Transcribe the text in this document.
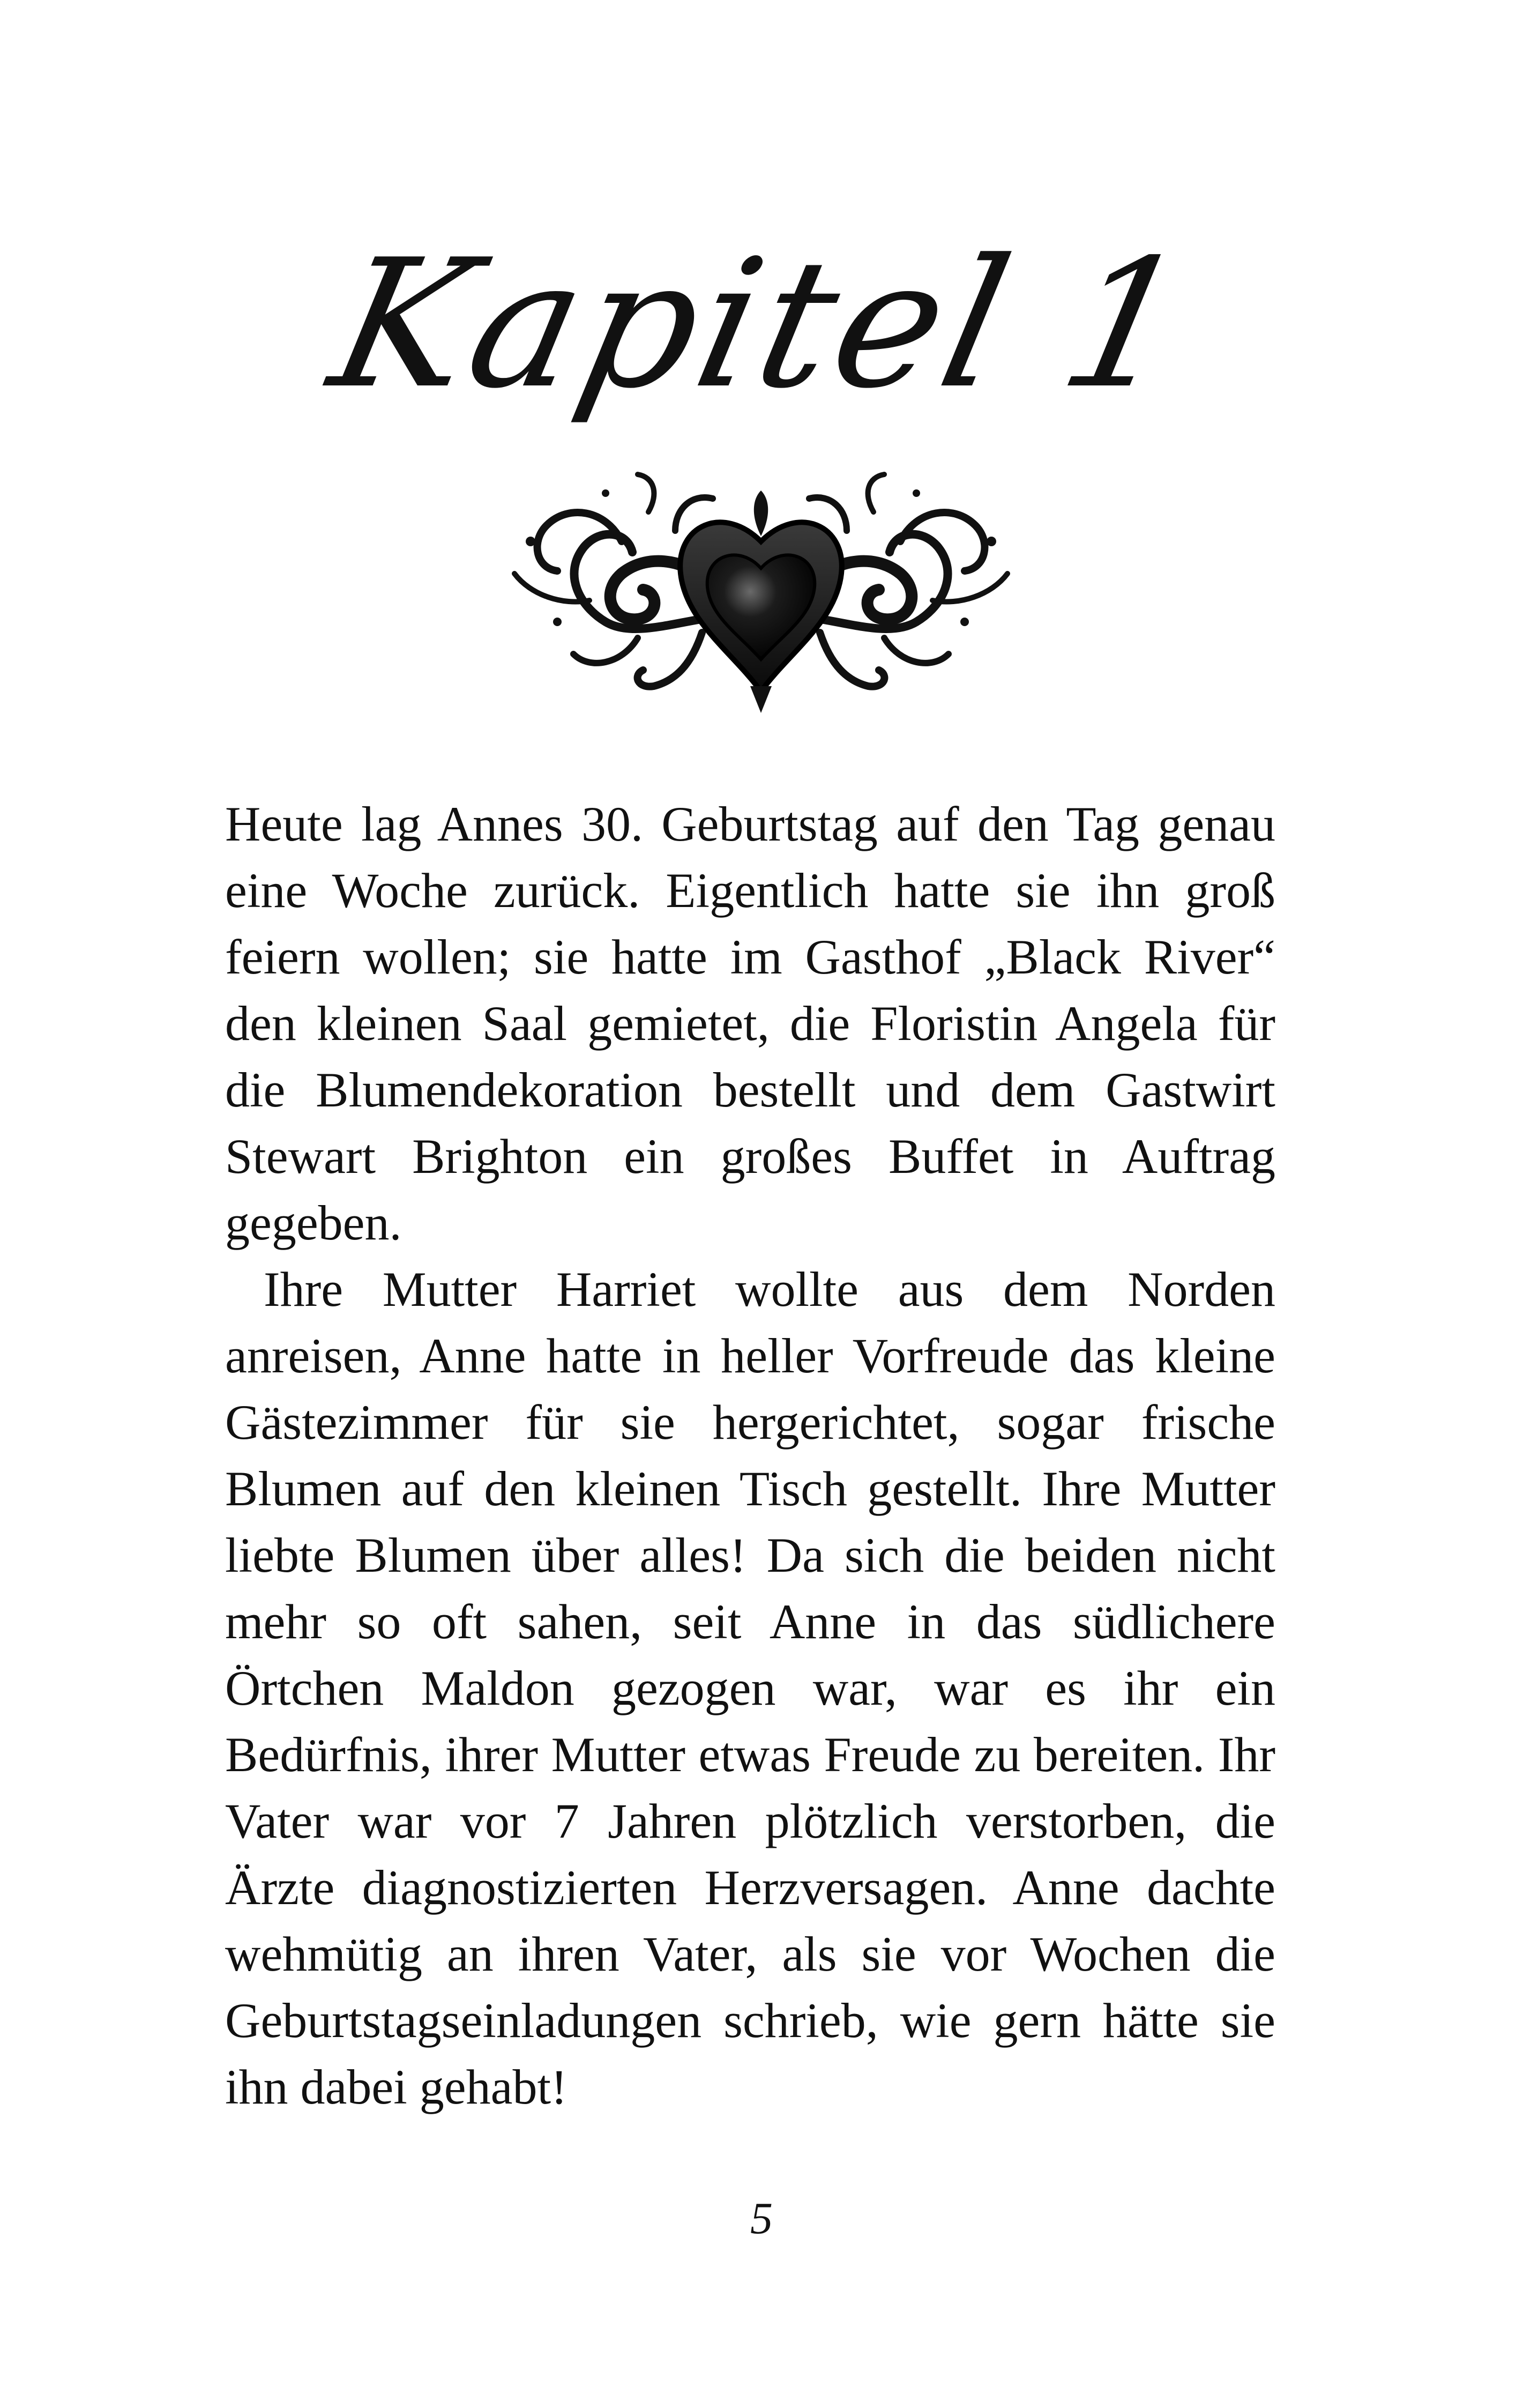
Kapitel 1

Heute lag Annes 30. Geburtstag auf den Tag genau eine Woche zurück. Eigentlich hatte sie ihn groß feiern wollen; sie hatte im Gasthof „Black River“ den kleinen Saal gemietet, die Floristin Angela für die Blumendekoration bestellt und dem Gastwirt Stewart Brighton ein großes Buffet in Auftrag gegeben.

Ihre Mutter Harriet wollte aus dem Norden anreisen, Anne hatte in heller Vorfreude das kleine Gästezimmer für sie hergerichtet, sogar frische Blumen auf den kleinen Tisch gestellt. Ihre Mutter liebte Blumen über alles! Da sich die beiden nicht mehr so oft sahen, seit Anne in das südlichere Örtchen Maldon gezogen war, war es ihr ein Bedürfnis, ihrer Mutter etwas Freude zu bereiten. Ihr Vater war vor 7 Jahren plötzlich verstorben, die Ärzte diagnostizierten Herzversagen. Anne dachte wehmütig an ihren Vater, als sie vor Wochen die Geburtstagseinladungen schrieb, wie gern hätte sie ihn dabei gehabt!

5
